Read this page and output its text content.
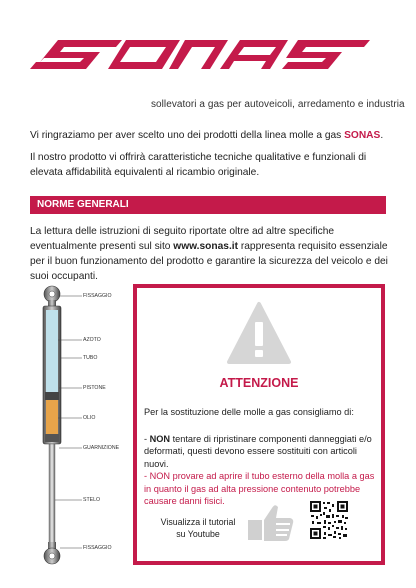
sollevatori a gas per autoveicoli, arredamento e industria

Vi ringraziamo per aver scelto uno dei prodotti della linea molle a gas SONAS.

Il nostro prodotto vi offrirà caratteristiche tecniche qualitative e funzionali di elevata affidabilità equivalenti al ricambio originale.

NORME GENERALI
La lettura delle istruzioni di seguito riportate oltre ad altre specifiche eventualmente presenti sul sito www.sonas.it rappresenta requisito essenziale per il buon funzionamento del prodotto e garantire la sicurezza del veicolo e dei suoi occupanti.
FISSAGGIO
AZOTO
TUBO
PISTONE
OLIO
GUARNIZIONE
STELO
FISSAGGIO
ATTENZIONE
Per la sostituzione delle molle a gas consigliamo di:
- NON tentare di ripristinare componenti danneggiati e/o deformati, questi devono essere sostituiti con articoli nuovi.
- NON provare ad aprire il tubo esterno della molla a gas in quanto il gas ad alta pressione contenuto potrebbe causare danni fisici.
Visualizza il tutorial
su Youtube
